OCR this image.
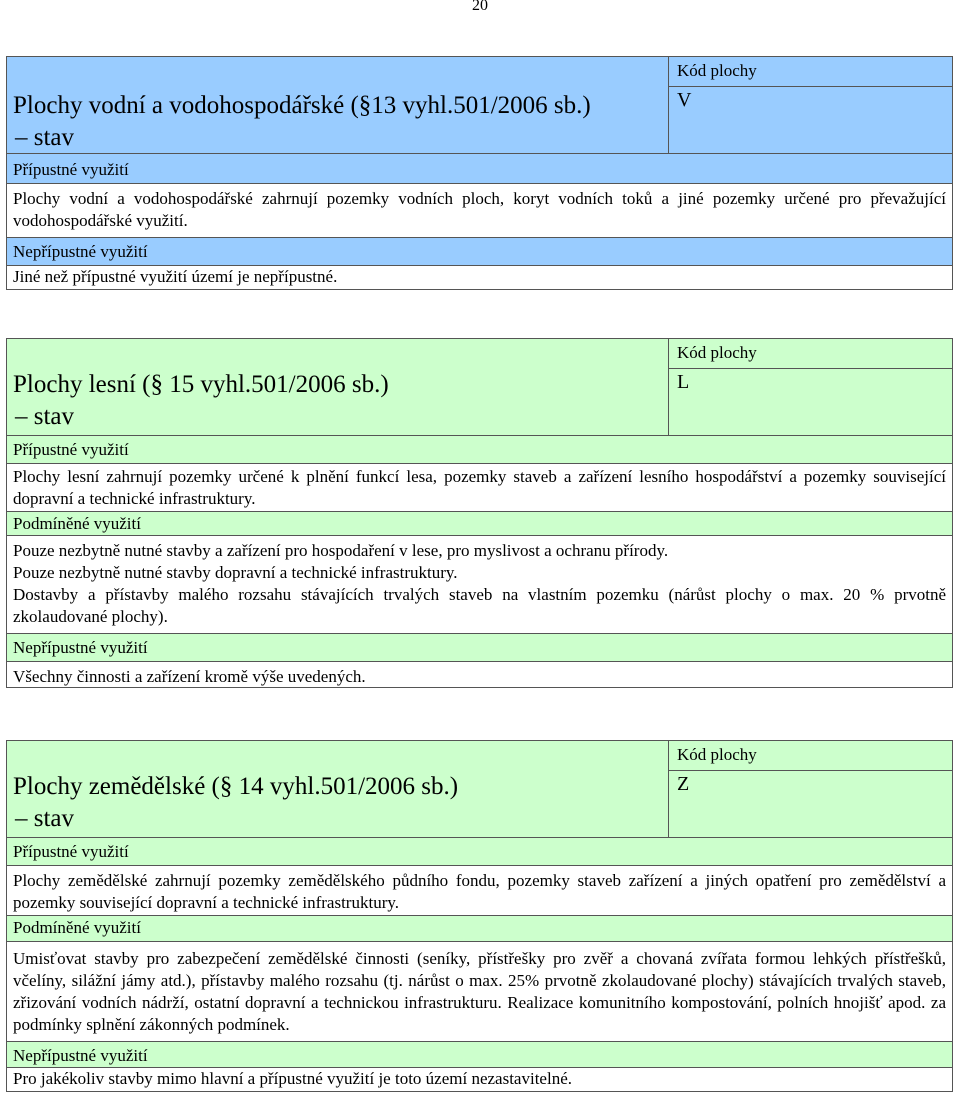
20
Plochy vodní a vodohospodářské (§13 vyhl.501/2006 sb.)
– stav
Kód plochy
V
Přípustné využití
Plochy vodní a vodohospodářské zahrnují pozemky vodních ploch, koryt vodních toků a jiné pozemky určené pro převažující vodohospodářské využití.
Nepřípustné využití
Jiné než přípustné využití území je nepřípustné.
Plochy lesní (§ 15 vyhl.501/2006 sb.)
– stav
Kód plochy
L
Přípustné využití
Plochy lesní zahrnují pozemky určené k plnění funkcí lesa, pozemky staveb a zařízení lesního hospodářství a pozemky související dopravní a technické infrastruktury.
Podmíněné využití
Pouze nezbytně nutné stavby a zařízení pro hospodaření v lese, pro myslivost a ochranu přírody.
Pouze nezbytně nutné stavby dopravní a technické infrastruktury.
Dostavby a přístavby malého rozsahu stávajících trvalých staveb na vlastním pozemku (nárůst plochy o max. 20 % prvotně zkolaudované plochy).
Nepřípustné využití
Všechny činnosti a zařízení kromě výše uvedených.
Plochy zemědělské (§ 14 vyhl.501/2006 sb.)
– stav
Kód plochy
Z
Přípustné využití
Plochy zemědělské zahrnují pozemky zemědělského půdního fondu, pozemky staveb zařízení a jiných opatření pro zemědělství a pozemky související dopravní a technické infrastruktury.
Podmíněné využití
Umisťovat stavby pro zabezpečení zemědělské činnosti (seníky, přístřešky pro zvěř a chovaná zvířata formou lehkých přístřešků, včelíny, silážní jámy atd.), přístavby malého rozsahu (tj. nárůst o max. 25% prvotně zkolaudované plochy) stávajících trvalých staveb, zřizování vodních nádrží, ostatní dopravní a technickou infrastrukturu. Realizace komunitního kompostování, polních hnojišť apod. za podmínky splnění zákonných podmínek.
Nepřípustné využití
Pro jakékoliv stavby mimo hlavní a přípustné využití je toto území nezastavitelné.
